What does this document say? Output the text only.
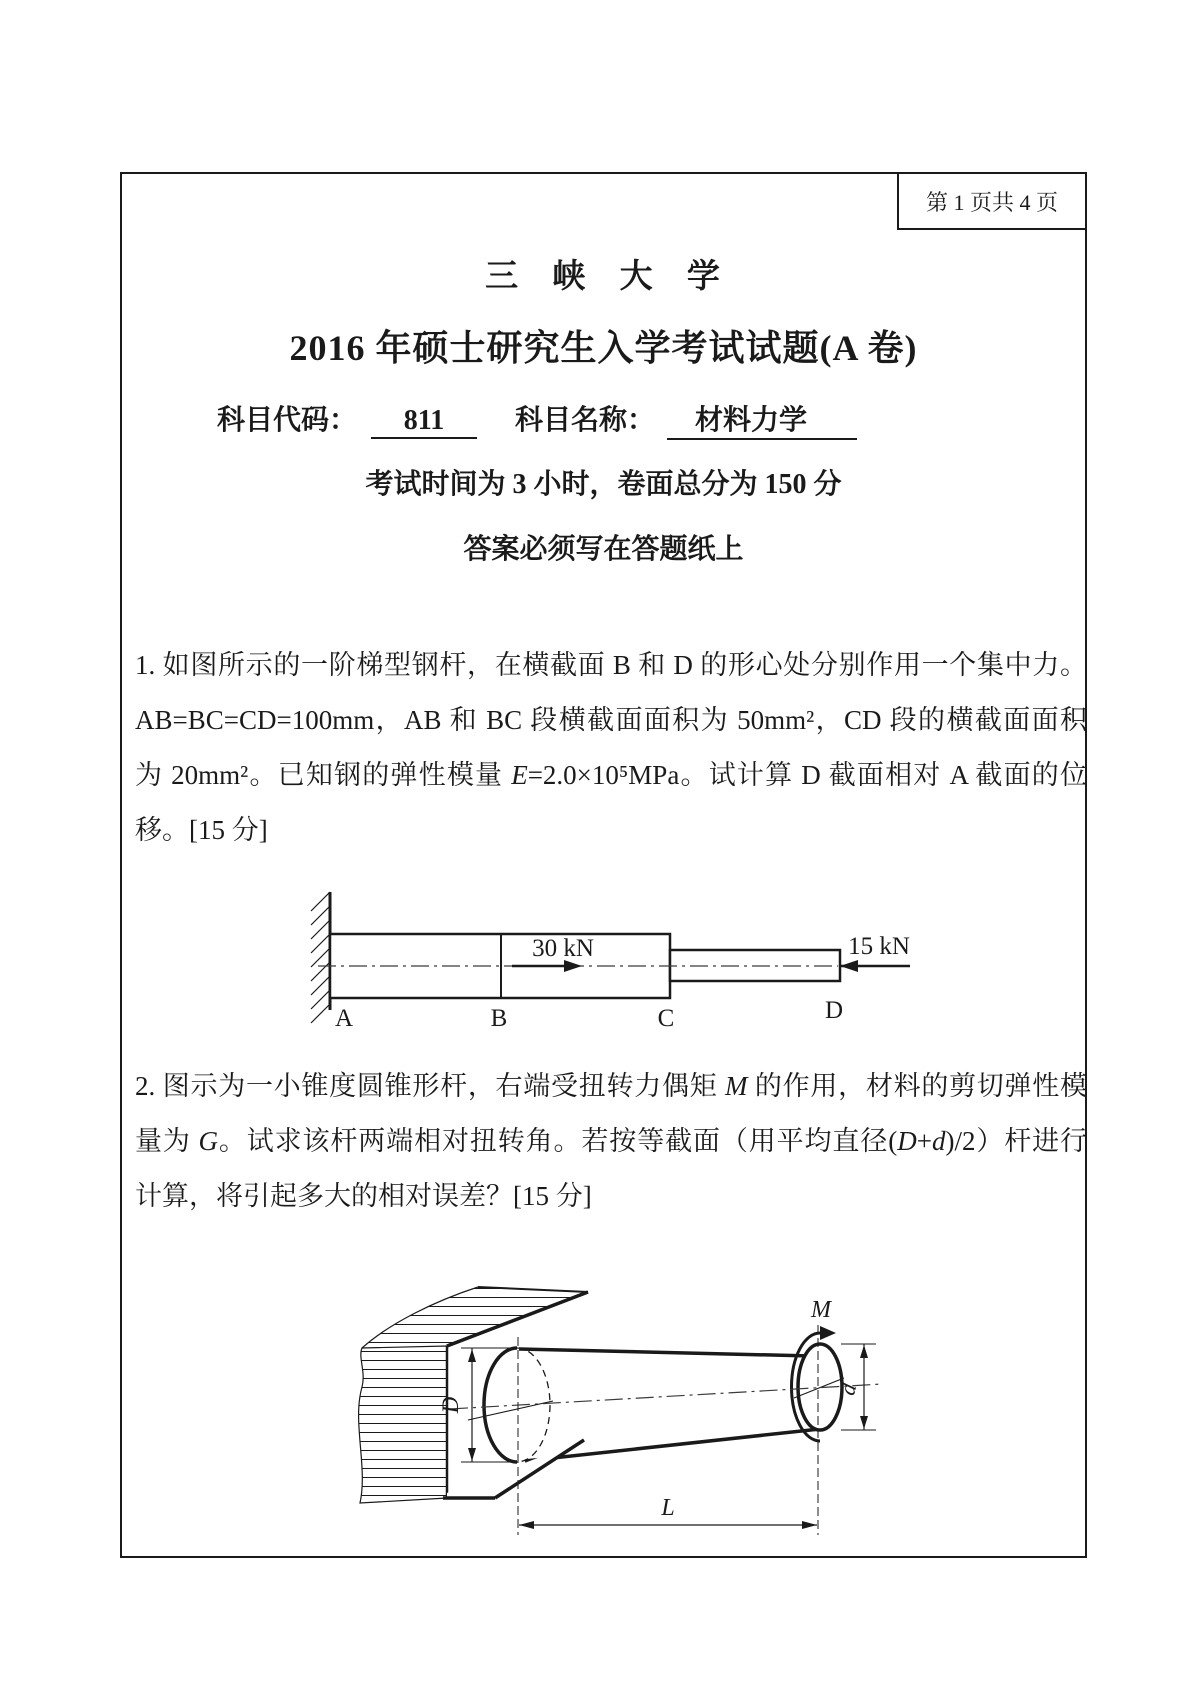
第 1 页共 4 页
三 峡 大 学
2016 年硕士研究生入学考试试题(A 卷)
科目代码： 811	科目名称： 材料力学
考试时间为 3 小时，卷面总分为 150 分
答案必须写在答题纸上

1. 如图所示的一阶梯型钢杆，在横截面 B 和 D 的形心处分别作用一个集中力。

AB=BC=CD=100mm，AB 和 BC 段横截面面积为 50mm²，CD 段的横截面面积

为 20mm²。已知钢的弹性模量 E=2.0×10⁵MPa。试计算 D 截面相对 A 截面的位

移。[15 分]

30 kN	15 kN
A	B	C	D

2. 图示为一小锥度圆锥形杆，右端受扭转力偶矩 M 的作用，材料的剪切弹性模

量为 G。试求该杆两端相对扭转角。若按等截面（用平均直径(D+d)/2）杆进行

计算，将引起多大的相对误差？[15 分]

D
d
L
M
